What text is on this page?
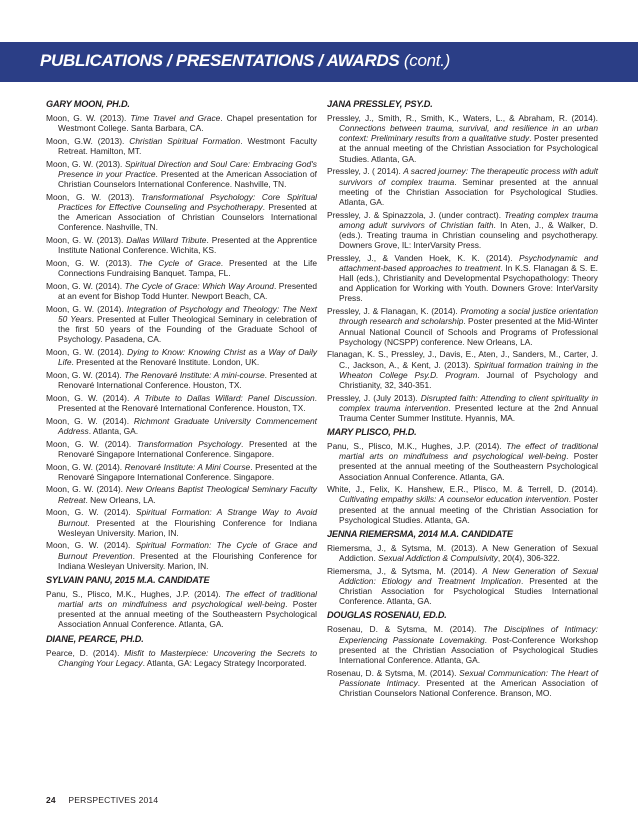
PUBLICATIONS / PRESENTATIONS / AWARDS (cont.)
GARY MOON, PH.D.
Moon, G. W. (2013). Time Travel and Grace. Chapel presentation for Westmont College. Santa Barbara, CA.
Moon, G.W. (2013). Christian Spiritual Formation. Westmont Faculty Retreat. Hamilton, MT.
Moon, G. W. (2013). Spiritual Direction and Soul Care: Embracing God's Presence in your Practice. Presented at the American Association of Christian Counselors International Conference. Nashville, TN.
Moon, G. W. (2013). Transformational Psychology: Core Spiritual Practices for Effective Counseling and Psychotherapy. Presented at the American Association of Christian Counselors International Conference. Nashville, TN.
Moon, G. W. (2013). Dallas Willard Tribute. Presented at the Apprentice Institute National Conference. Wichita, KS.
Moon, G. W. (2013). The Cycle of Grace. Presented at the Life Connections Fundraising Banquet. Tampa, FL.
Moon, G. W. (2014). The Cycle of Grace: Which Way Around. Presented at an event for Bishop Todd Hunter. Newport Beach, CA.
Moon, G. W. (2014). Integration of Psychology and Theology: The Next 50 Years. Presented at Fuller Theological Seminary in celebration of the first 50 years of the Founding of the Graduate School of Psychology. Pasadena, CA.
Moon, G. W. (2014). Dying to Know: Knowing Christ as a Way of Daily Life. Presented at the Renovaré Institute. London, UK.
Moon, G. W. (2014). The Renovaré Institute: A mini-course. Presented at Renovaré International Conference. Houston, TX.
Moon, G. W. (2014). A Tribute to Dallas Willard: Panel Discussion. Presented at the Renovaré International Conference. Houston, TX.
Moon, G. W. (2014). Richmont Graduate University Commencement Address. Atlanta, GA.
Moon, G. W. (2014). Transformation Psychology. Presented at the Renovaré Singapore International Conference. Singapore.
Moon, G. W. (2014). Renovaré Institute: A Mini Course. Presented at the Renovaré Singapore International Conference. Singapore.
Moon, G. W. (2014). New Orleans Baptist Theological Seminary Faculty Retreat. New Orleans, LA.
Moon, G. W. (2014). Spiritual Formation: A Strange Way to Avoid Burnout. Presented at the Flourishing Conference for Indiana Wesleyan University. Marion, IN.
Moon, G. W. (2014). Spiritual Formation: The Cycle of Grace and Burnout Prevention. Presented at the Flourishing Conference for Indiana Wesleyan University. Marion, IN.
SYLVAIN PANU, 2015 M.A. CANDIDATE
Panu, S., Plisco, M.K., Hughes, J.P. (2014). The effect of traditional martial arts on mindfulness and psychological well-being. Poster presented at the annual meeting of the Southeastern Psychological Association Annual Conference. Atlanta, GA.
DIANE, PEARCE, PH.D.
Pearce, D. (2014). Misfit to Masterpiece: Uncovering the Secrets to Changing Your Legacy. Atlanta, GA: Legacy Strategy Incorporated.
JANA PRESSLEY, PSY.D.
Pressley, J., Smith, R., Smith, K., Waters, L., & Abraham, R. (2014). Connections between trauma, survival, and resilience in an urban context: Preliminary results from a qualitative study. Poster presented at the annual meeting of the Christian Association for Psychological Studies. Atlanta, GA.
Pressley, J. ( 2014). A sacred journey: The therapeutic process with adult survivors of complex trauma. Seminar presented at the annual meeting of the Christian Association for Psychological Studies. Atlanta, GA.
Pressley, J. & Spinazzola, J. (under contract). Treating complex trauma among adult survivors of Christian faith. In Aten, J., & Walker, D. (eds.). Treating trauma in Christian counseling and psychotherapy. Downers Grove, IL: InterVarsity Press.
Pressley, J., & Vanden Hoek, K. K. (2014). Psychodynamic and attachment-based approaches to treatment. In K.S. Flanagan & S. E. Hall (eds.), Christianity and Developmental Psychopathology: Theory and Application for Working with Youth. Downers Grove: InterVarsity Press.
Pressley, J. & Flanagan, K. (2014). Promoting a social justice orientation through research and scholarship. Poster presented at the Mid-Winter Annual National Council of Schools and Programs of Professional Psychology (NCSPP) conference. New Orleans, LA.
Flanagan, K. S., Pressley, J., Davis, E., Aten, J., Sanders, M., Carter, J. C., Jackson, A., & Kent, J. (2013). Spiritual formation training in the Wheaton College Psy.D. Program. Journal of Psychology and Christianity, 32, 340-351.
Pressley, J. (July 2013). Disrupted faith: Attending to client spirituality in complex trauma intervention. Presented lecture at the 2nd Annual Trauma Center Summer Institute. Hyannis, MA.
MARY PLISCO, PH.D.
Panu, S., Plisco, M.K., Hughes, J.P. (2014). The effect of traditional martial arts on mindfulness and psychological well-being. Poster presented at the annual meeting of the Southeastern Psychological Association Annual Conference. Atlanta, GA.
White, J., Felix, K. Hanshew, E.R., Plisco, M. & Terrell, D. (2014). Cultivating empathy skills: A counselor education intervention. Poster presented at the annual meeting of the Christian Association for Psychological Studies. Atlanta, GA.
JENNA RIEMERSMA, 2014 M.A. CANDIDATE
Riemersma, J., & Sytsma, M. (2013). A New Generation of Sexual Addiction. Sexual Addiction & Compulsivity, 20(4), 306-322.
Riemersma, J., & Sytsma, M. (2014). A New Generation of Sexual Addiction: Etiology and Treatment Implication. Presented at the Christian Association for Psychological Studies International Conference. Atlanta, GA.
DOUGLAS ROSENAU, ED.D.
Rosenau, D. & Sytsma, M. (2014). The Disciplines of Intimacy: Experiencing Passionate Lovemaking. Post-Conference Workshop presented at the Christian Association of Psychological Studies International Conference. Atlanta, GA.
Rosenau, D. & Sytsma, M. (2014). Sexual Communication: The Heart of Passionate Intimacy. Presented at the American Association of Christian Counselors National Conference. Branson, MO.
24 PERSPECTIVES 2014
